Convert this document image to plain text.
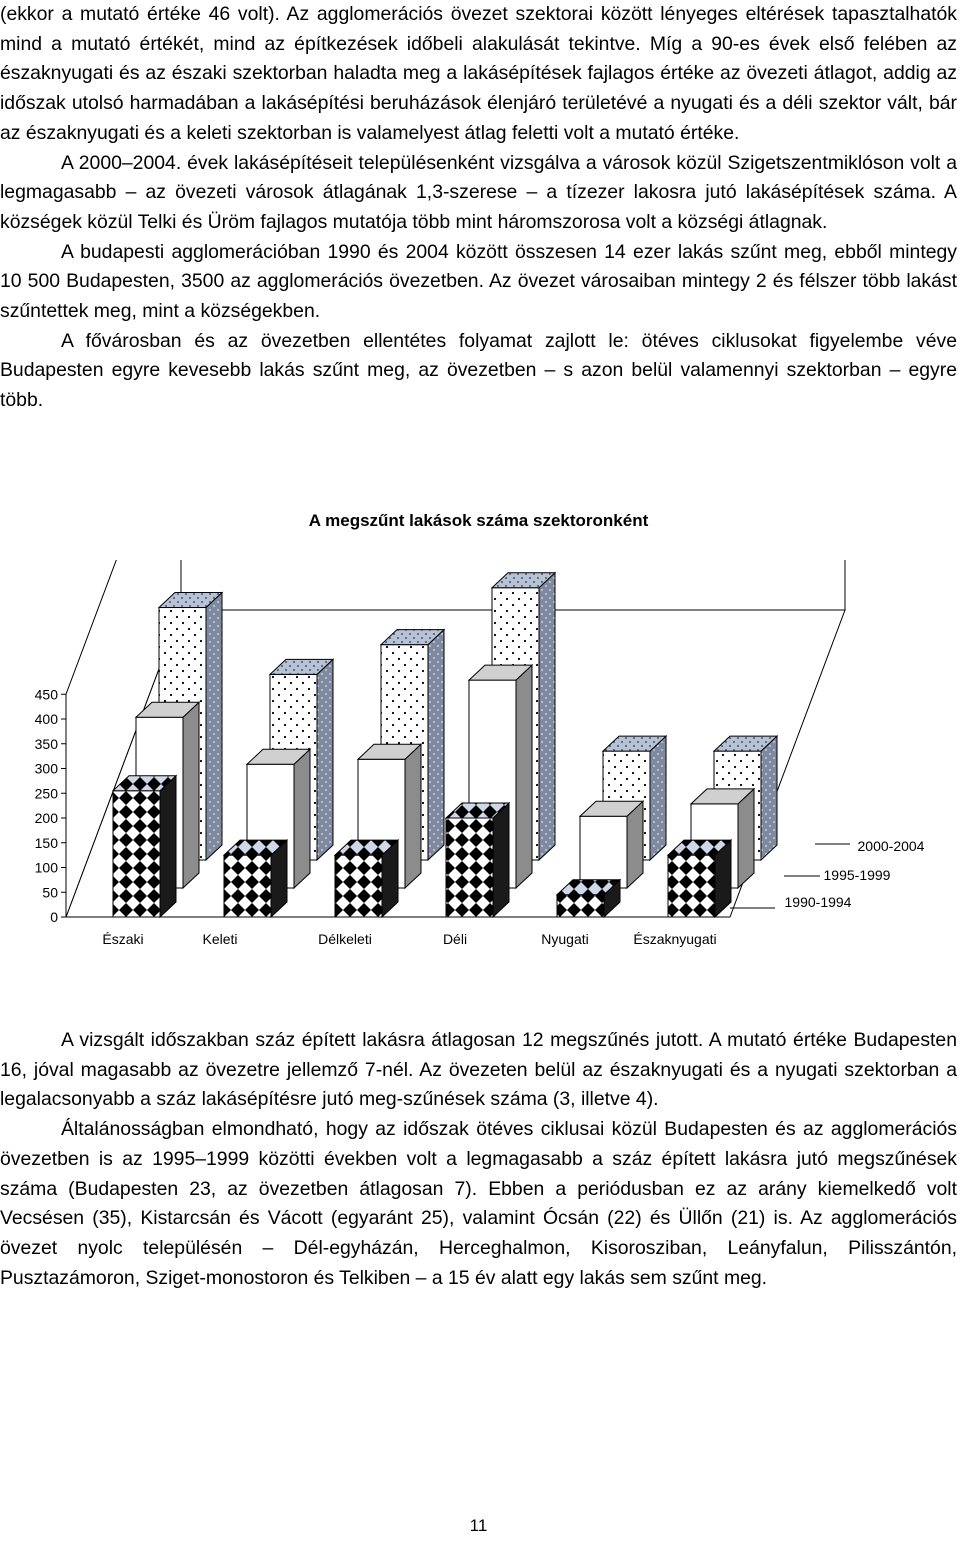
(ekkor a mutató értéke 46 volt). Az agglomerációs övezet szektorai között lényeges eltérések tapasztalhatók mind a mutató értékét, mind az építkezések időbeli alakulását tekintve. Míg a 90-es évek első felében az északnyugati és az északi szektorban haladta meg a lakásépítések fajlagos értéke az övezeti átlagot, addig az időszak utolsó harmadában a lakásépítési beruházások élenjáró területévé a nyugati és a déli szektor vált, bár az északnyugati és a keleti szektorban is valamelyest átlag feletti volt a mutató értéke.

A 2000–2004. évek lakásépítéseit településenként vizsgálva a városok közül Szigetszentmiklóson volt a legmagasabb – az övezeti városok átlagának 1,3-szerese – a tízezer lakosra jutó lakásépítések száma. A községek közül Telki és Üröm fajlagos mutatója több mint háromszorosa volt a községi átlagnak.

A budapesti agglomerációban 1990 és 2004 között összesen 14 ezer lakás szűnt meg, ebből mintegy 10 500 Budapesten, 3500 az agglomerációs övezetben. Az övezet városaiban mintegy 2 és félszer több lakást szűntettek meg, mint a községekben.

A fővárosban és az övezetben ellentétes folyamat zajlott le: ötéves ciklusokat figyelembe véve Budapesten egyre kevesebb lakás szűnt meg, az övezetben – s azon belül valamennyi szektorban – egyre több.

A megszűnt lakások száma szektoronként
0
50
100
150
200
250
300
350
400
450
Északi	Keleti	Délkeleti	Déli	Nyugati	Északnyugati
1990-1994
1995-1999
2000-2004

A vizsgált időszakban száz épített lakásra átlagosan 12 megszűnés jutott. A mutató értéke Budapesten 16, jóval magasabb az övezetre jellemző 7-nél. Az övezeten belül az északnyugati és a nyugati szektorban a legalacsonyabb a száz lakásépítésre jutó meg-szűnések száma (3, illetve 4).

Általánosságban elmondható, hogy az időszak ötéves ciklusai közül Budapesten és az agglomerációs övezetben is az 1995–1999 közötti években volt a legmagasabb a száz épített lakásra jutó megszűnések száma (Budapesten 23, az övezetben átlagosan 7). Ebben a periódusban ez az arány kiemelkedő volt Vecsésen (35), Kistarcsán és Vácott (egyaránt 25), valamint Ócsán (22) és Üllőn (21) is. Az agglomerációs övezet nyolc településén – Dél-egyházán, Herceghalmon, Kisorosziban, Leányfalun, Pilisszántón, Pusztazámoron, Sziget-monostoron és Telkiben – a 15 év alatt egy lakás sem szűnt meg.

11
